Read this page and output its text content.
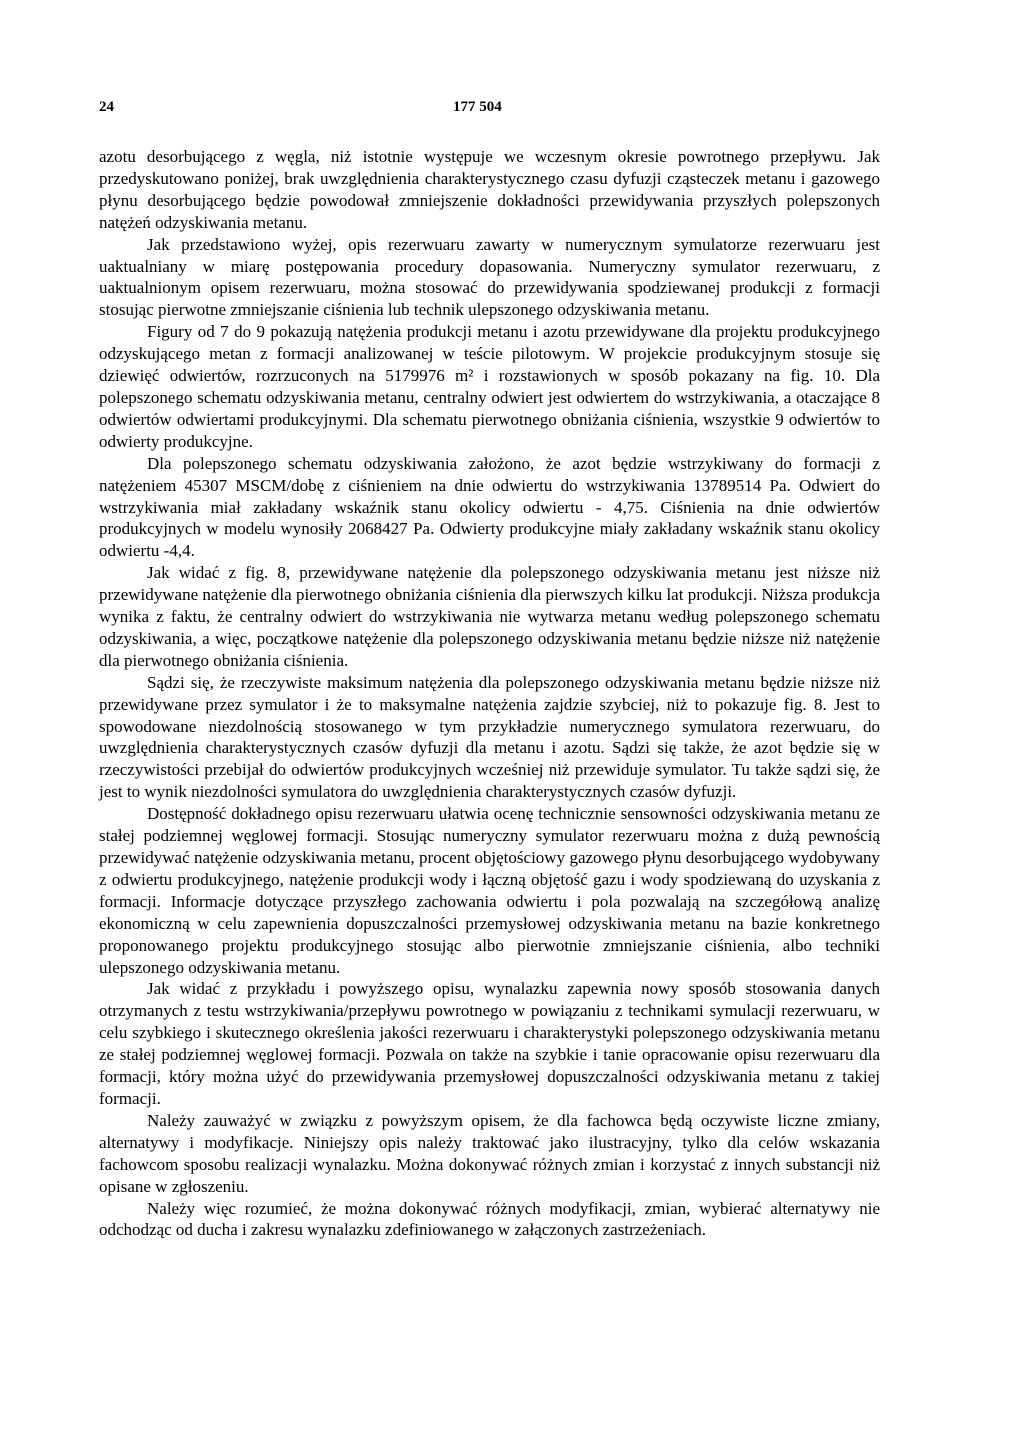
24	177 504

azotu desorbującego z węgla, niż istotnie występuje we wczesnym okresie powrotnego przepływu. Jak przedyskutowano poniżej, brak uwzględnienia charakterystycznego czasu dyfuzji cząsteczek metanu i gazowego płynu desorbującego będzie powodował zmniejszenie dokładności przewidywania przyszłych polepszonych natężeń odzyskiwania metanu.

Jak przedstawiono wyżej, opis rezerwuaru zawarty w numerycznym symulatorze rezerwuaru jest uaktualniany w miarę postępowania procedury dopasowania. Numeryczny symulator rezerwuaru, z uaktualnionym opisem rezerwuaru, można stosować do przewidywania spodziewanej produkcji z formacji stosując pierwotne zmniejszanie ciśnienia lub technik ulepszonego odzyskiwania metanu.

Figury od 7 do 9 pokazują natężenia produkcji metanu i azotu przewidywane dla projektu produkcyjnego odzyskującego metan z formacji analizowanej w teście pilotowym. W projekcie produkcyjnym stosuje się dziewięć odwiertów, rozrzuconych na 5179976 m² i rozstawionych w sposób pokazany na fig. 10. Dla polepszonego schematu odzyskiwania metanu, centralny odwiert jest odwiertem do wstrzykiwania, a otaczające 8 odwiertów odwiertami produkcyjnymi. Dla schematu pierwotnego obniżania ciśnienia, wszystkie 9 odwiertów to odwierty produkcyjne.

Dla polepszonego schematu odzyskiwania założono, że azot będzie wstrzykiwany do formacji z natężeniem 45307 MSCM/dobę z ciśnieniem na dnie odwiertu do wstrzykiwania 13789514 Pa. Odwiert do wstrzykiwania miał zakładany wskaźnik stanu okolicy odwiertu - 4,75. Ciśnienia na dnie odwiertów produkcyjnych w modelu wynosiły 2068427 Pa. Odwierty produkcyjne miały zakładany wskaźnik stanu okolicy odwiertu -4,4.

Jak widać z fig. 8, przewidywane natężenie dla polepszonego odzyskiwania metanu jest niższe niż przewidywane natężenie dla pierwotnego obniżania ciśnienia dla pierwszych kilku lat produkcji. Niższa produkcja wynika z faktu, że centralny odwiert do wstrzykiwania nie wytwarza metanu według polepszonego schematu odzyskiwania, a więc, początkowe natężenie dla polepszonego odzyskiwania metanu będzie niższe niż natężenie dla pierwotnego obniżania ciśnienia.

Sądzi się, że rzeczywiste maksimum natężenia dla polepszonego odzyskiwania metanu będzie niższe niż przewidywane przez symulator i że to maksymalne natężenia zajdzie szybciej, niż to pokazuje fig. 8. Jest to spowodowane niezdolnością stosowanego w tym przykładzie numerycznego symulatora rezerwuaru, do uwzględnienia charakterystycznych czasów dyfuzji dla metanu i azotu. Sądzi się także, że azot będzie się w rzeczywistości przebijał do odwiertów produkcyjnych wcześniej niż przewiduje symulator. Tu także sądzi się, że jest to wynik niezdolności symulatora do uwzględnienia charakterystycznych czasów dyfuzji.

Dostępność dokładnego opisu rezerwuaru ułatwia ocenę technicznie sensowności odzyskiwania metanu ze stałej podziemnej węglowej formacji. Stosując numeryczny symulator rezerwuaru można z dużą pewnością przewidywać natężenie odzyskiwania metanu, procent objętościowy gazowego płynu desorbującego wydobywany z odwiertu produkcyjnego, natężenie produkcji wody i łączną objętość gazu i wody spodziewaną do uzyskania z formacji. Informacje dotyczące przyszłego zachowania odwiertu i pola pozwalają na szczegółową analizę ekonomiczną w celu zapewnienia dopuszczalności przemysłowej odzyskiwania metanu na bazie konkretnego proponowanego projektu produkcyjnego stosując albo pierwotnie zmniejszanie ciśnienia, albo techniki ulepszonego odzyskiwania metanu.

Jak widać z przykładu i powyższego opisu, wynalazku zapewnia nowy sposób stosowania danych otrzymanych z testu wstrzykiwania/przepływu powrotnego w powiązaniu z technikami symulacji rezerwuaru, w celu szybkiego i skutecznego określenia jakości rezerwuaru i charakterystyki polepszonego odzyskiwania metanu ze stałej podziemnej węglowej formacji. Pozwala on także na szybkie i tanie opracowanie opisu rezerwuaru dla formacji, który można użyć do przewidywania przemysłowej dopuszczalności odzyskiwania metanu z takiej formacji.

Należy zauważyć w związku z powyższym opisem, że dla fachowca będą oczywiste liczne zmiany, alternatywy i modyfikacje. Niniejszy opis należy traktować jako ilustracyjny, tylko dla celów wskazania fachowcom sposobu realizacji wynalazku. Można dokonywać różnych zmian i korzystać z innych substancji niż opisane w zgłoszeniu.

Należy więc rozumieć, że można dokonywać różnych modyfikacji, zmian, wybierać alternatywy nie odchodząc od ducha i zakresu wynalazku zdefiniowanego w załączonych zastrzeżeniach.
